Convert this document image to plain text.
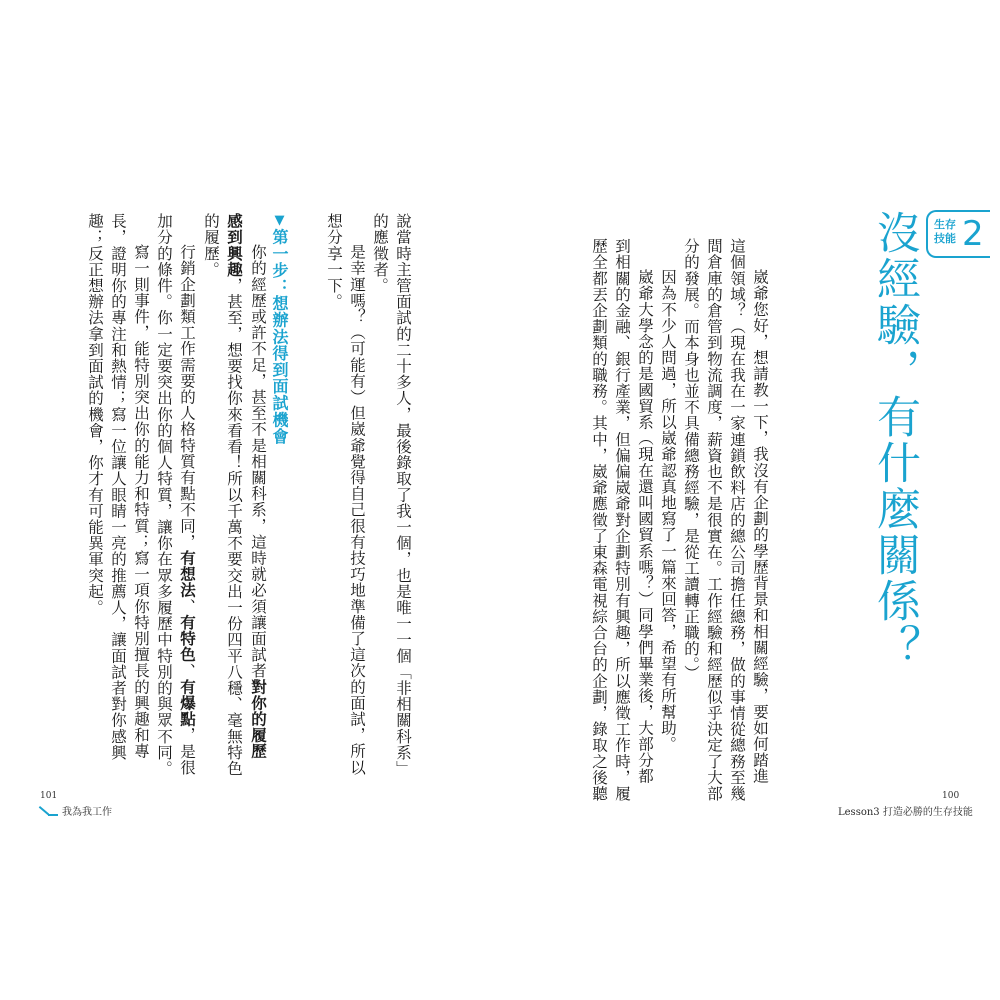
生存技能 2
沒經驗，有什麼關係？

崴爺您好，想請教一下，我沒有企劃的學歷背景和相關經驗，要如何踏進

這個領域？（現在我在一家連鎖飲料店的總公司擔任總務，做的事情從總務至幾

間倉庫的倉管到物流調度，薪資也不是很實在。工作經驗和經歷似乎決定了大部

分的發展。而本身也並不具備總務經驗，是從工讀轉正職的。）

因為不少人問過，所以崴爺認真地寫了一篇來回答，希望有所幫助。

崴爺大學念的是國貿系（現在還叫國貿系嗎？）同學們畢業後，大部分都

到相關的金融、銀行產業，但偏偏崴爺對企劃特別有興趣，所以應徵工作時，履

歷全都丟企劃類的職務。其中，崴爺應徵了東森電視綜合台的企劃，錄取之後聽

說當時主管面試的二十多人，最後錄取了我一個，也是唯一一個「非相關科系」

的應徵者。

是幸運嗎？（可能有）但崴爺覺得自己很有技巧地準備了這次的面試，所以

想分享一下。

▼第一步：想辦法得到面試機會

你的經歷或許不足，甚至不是相關科系，這時就必須讓面試者對你的履歷

感到興趣，甚至，想要找你來看看！所以千萬不要交出一份四平八穩、毫無特色

的履歷。

行銷企劃類工作需要的人格特質有點不同，有想法、有特色、有爆點，是很

加分的條件。你一定要突出你的個人特質，讓你在眾多履歷中特別的與眾不同。

寫一則事件，能特別突出你的能力和特質；寫一項你特別擅長的興趣和專

長，證明你的專注和熱情；寫一位讓人眼睛一亮的推薦人，讓面試者對你感興

趣；反正想辦法拿到面試的機會，你才有可能異軍突起。

101
我為我工作
100
Lesson3 打造必勝的生存技能
